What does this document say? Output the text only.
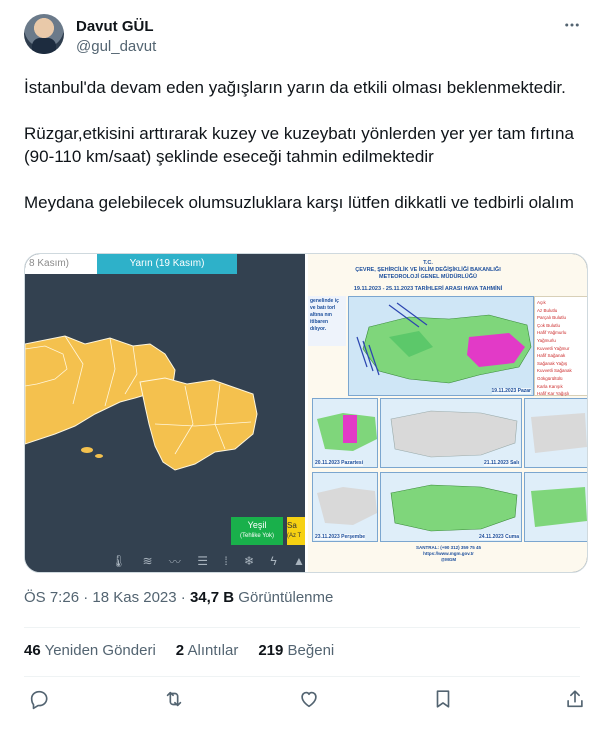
Davut GÜL
@gul_davut

İstanbul'da devam eden yağışların yarın da etkili olması beklenmektedir.

Rüzgar,etkisini arttırarak kuzey ve kuzeybatı yönlerden yer yer tam fırtına (90-110 km/saat) şeklinde eseceği tahmin edilmektedir

Meydana gelebilecek olumsuzluklara karşı lütfen dikkatli ve tedbirli olalım

8 Kasım)	Yarın (19 Kasım)
Yeşil
(Tehlike Yok)
Sa
(Az T
🌡 ≋ 〰 ☰ ⁞ ❄ ϟ ▲
T.C.
ÇEVRE, ŞEHİRCİLİK VE İKLİM DEĞİŞİKLİĞİ BAKANLIĞI
METEOROLOJİ GENEL MÜDÜRLÜĞÜ
19.11.2023 - 25.11.2023 TARİHLERİ ARASI HAVA TAHMİNİ
genelinde iç ve batı torl altına nın itibaren dılıyor.
19.11.2023 Pazar
Açık
Az Bulutlu
Parçalı Bulutlu
Çok Bulutlu
Hafif Yağmurlu
Yağmurlu
Kuvvetli Yağmur
Hafif Sağanak
Sağanak Yağış
Kuvvetli Sağanak
Gökgürültülü
Karla Karışık
Hafif Kar Yağışlı
20.11.2023 Pazartesi	21.11.2023 Salı
23.11.2023 Perşembe	24.11.2023 Cuma
SANTRAL: (+90 312) 359 75 45
https://www.mgm.gov.tr
@MGM
ÖS 7:26 · 18 Kas 2023 · 34,7 B Görüntülenme
46 Yeniden Gönderi 2 Alıntılar 219 Beğeni
